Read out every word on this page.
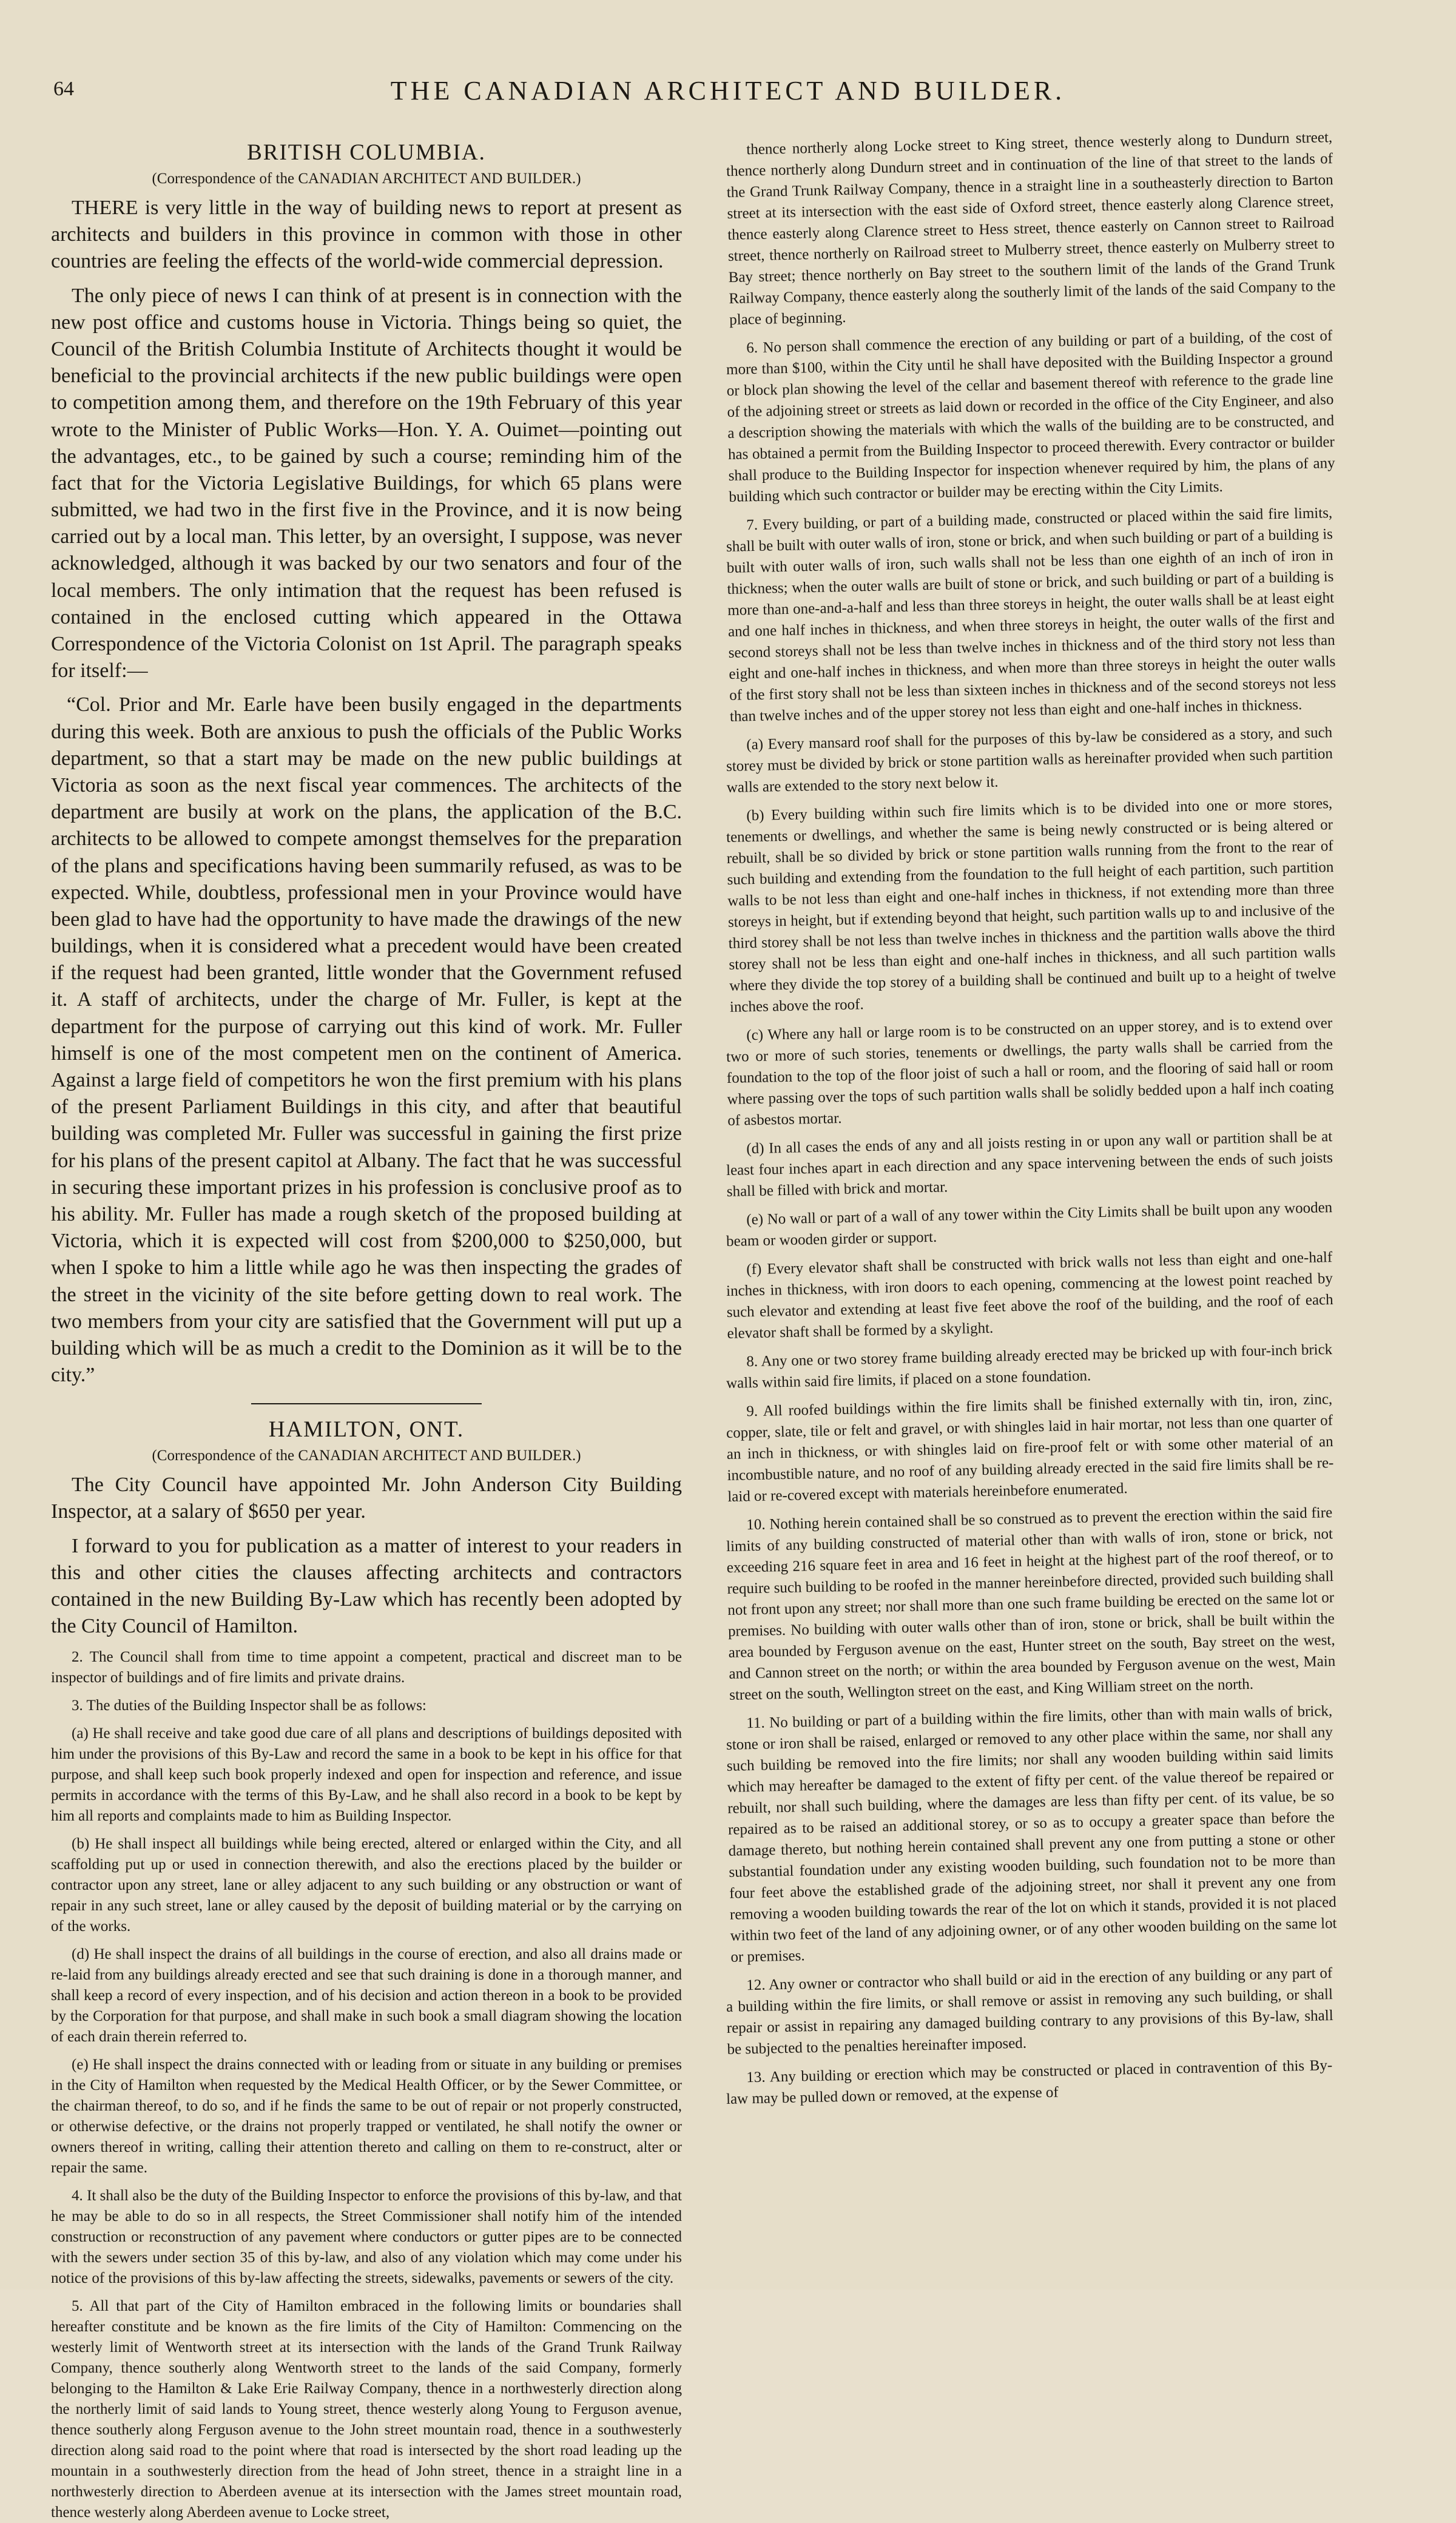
64	THE CANADIAN ARCHITECT AND BUILDER.
BRITISH COLUMBIA.
(Correspondence of the CANADIAN ARCHITECT AND BUILDER.)

THERE is very little in the way of building news to report at present as architects and builders in this province in common with those in other countries are feeling the effects of the world-wide commercial depression.

The only piece of news I can think of at present is in connection with the new post office and customs house in Victoria. Things being so quiet, the Council of the British Columbia Institute of Architects thought it would be beneficial to the provincial architects if the new public buildings were open to competition among them, and therefore on the 19th February of this year wrote to the Minister of Public Works—Hon. Y. A. Ouimet—pointing out the advantages, etc., to be gained by such a course; reminding him of the fact that for the Victoria Legislative Buildings, for which 65 plans were submitted, we had two in the first five in the Province, and it is now being carried out by a local man. This letter, by an oversight, I suppose, was never acknowledged, although it was backed by our two senators and four of the local members. The only intimation that the request has been refused is contained in the enclosed cutting which appeared in the Ottawa Correspondence of the Victoria Colonist on 1st April. The paragraph speaks for itself:—

“Col. Prior and Mr. Earle have been busily engaged in the departments during this week. Both are anxious to push the officials of the Public Works department, so that a start may be made on the new public buildings at Victoria as soon as the next fiscal year commences. The architects of the department are busily at work on the plans, the application of the B.C. architects to be allowed to compete amongst themselves for the preparation of the plans and specifications having been summarily refused, as was to be expected. While, doubtless, professional men in your Province would have been glad to have had the opportunity to have made the drawings of the new buildings, when it is considered what a precedent would have been created if the request had been granted, little wonder that the Government refused it. A staff of architects, under the charge of Mr. Fuller, is kept at the department for the purpose of carrying out this kind of work. Mr. Fuller himself is one of the most competent men on the continent of America. Against a large field of competitors he won the first premium with his plans of the present Parliament Buildings in this city, and after that beautiful building was completed Mr. Fuller was successful in gaining the first prize for his plans of the present capitol at Albany. The fact that he was successful in securing these important prizes in his profession is conclusive proof as to his ability. Mr. Fuller has made a rough sketch of the proposed building at Victoria, which it is expected will cost from $200,000 to $250,000, but when I spoke to him a little while ago he was then inspecting the grades of the street in the vicinity of the site before getting down to real work. The two members from your city are satisfied that the Government will put up a building which will be as much a credit to the Dominion as it will be to the city.”

HAMILTON, ONT.
(Correspondence of the CANADIAN ARCHITECT AND BUILDER.)

The City Council have appointed Mr. John Anderson City Building Inspector, at a salary of $650 per year.

I forward to you for publication as a matter of interest to your readers in this and other cities the clauses affecting architects and contractors contained in the new Building By-Law which has recently been adopted by the City Council of Hamilton.

2. The Council shall from time to time appoint a competent, practical and discreet man to be inspector of buildings and of fire limits and private drains.

3. The duties of the Building Inspector shall be as follows:

(a) He shall receive and take good due care of all plans and descriptions of buildings deposited with him under the provisions of this By-Law and record the same in a book to be kept in his office for that purpose, and shall keep such book properly indexed and open for inspection and reference, and issue permits in accordance with the terms of this By-Law, and he shall also record in a book to be kept by him all reports and complaints made to him as Building Inspector.

(b) He shall inspect all buildings while being erected, altered or enlarged within the City, and all scaffolding put up or used in connection therewith, and also the erections placed by the builder or contractor upon any street, lane or alley adjacent to any such building or any obstruction or want of repair in any such street, lane or alley caused by the deposit of building material or by the carrying on of the works.

(d) He shall inspect the drains of all buildings in the course of erection, and also all drains made or re-laid from any buildings already erected and see that such draining is done in a thorough manner, and shall keep a record of every inspection, and of his decision and action thereon in a book to be provided by the Corporation for that purpose, and shall make in such book a small diagram showing the location of each drain therein referred to.

(e) He shall inspect the drains connected with or leading from or situate in any building or premises in the City of Hamilton when requested by the Medical Health Officer, or by the Sewer Committee, or the chairman thereof, to do so, and if he finds the same to be out of repair or not properly constructed, or otherwise defective, or the drains not properly trapped or ventilated, he shall notify the owner or owners thereof in writing, calling their attention thereto and calling on them to re-construct, alter or repair the same.

4. It shall also be the duty of the Building Inspector to enforce the provisions of this by-law, and that he may be able to do so in all respects, the Street Commissioner shall notify him of the intended construction or reconstruction of any pavement where conductors or gutter pipes are to be connected with the sewers under section 35 of this by-law, and also of any violation which may come under his notice of the provisions of this by-law affecting the streets, sidewalks, pavements or sewers of the city.

5. All that part of the City of Hamilton embraced in the following limits or boundaries shall hereafter constitute and be known as the fire limits of the City of Hamilton: Commencing on the westerly limit of Wentworth street at its intersection with the lands of the Grand Trunk Railway Company, thence southerly along Wentworth street to the lands of the said Company, formerly belonging to the Hamilton & Lake Erie Railway Company, thence in a northwesterly direction along the northerly limit of said lands to Young street, thence westerly along Young to Ferguson avenue, thence southerly along Ferguson avenue to the John street mountain road, thence in a southwesterly direction along said road to the point where that road is intersected by the short road leading up the mountain in a southwesterly direction from the head of John street, thence in a straight line in a northwesterly direction to Aberdeen avenue at its intersection with the James street mountain road, thence westerly along Aberdeen avenue to Locke street,

thence northerly along Locke street to King street, thence westerly along to Dundurn street, thence northerly along Dundurn street and in continuation of the line of that street to the lands of the Grand Trunk Railway Company, thence in a straight line in a southeasterly direction to Barton street at its intersection with the east side of Oxford street, thence easterly along Clarence street, thence easterly along Clarence street to Hess street, thence easterly on Cannon street to Railroad street, thence northerly on Railroad street to Mulberry street, thence easterly on Mulberry street to Bay street; thence northerly on Bay street to the southern limit of the lands of the Grand Trunk Railway Company, thence easterly along the southerly limit of the lands of the said Company to the place of beginning.

6. No person shall commence the erection of any building or part of a building, of the cost of more than $100, within the City until he shall have deposited with the Building Inspector a ground or block plan showing the level of the cellar and basement thereof with reference to the grade line of the adjoining street or streets as laid down or recorded in the office of the City Engineer, and also a description showing the materials with which the walls of the building are to be constructed, and has obtained a permit from the Building Inspector to proceed therewith. Every contractor or builder shall produce to the Building Inspector for inspection whenever required by him, the plans of any building which such contractor or builder may be erecting within the City Limits.

7. Every building, or part of a building made, constructed or placed within the said fire limits, shall be built with outer walls of iron, stone or brick, and when such building or part of a building is built with outer walls of iron, such walls shall not be less than one eighth of an inch of iron in thickness; when the outer walls are built of stone or brick, and such building or part of a building is more than one-and-a-half and less than three storeys in height, the outer walls shall be at least eight and one half inches in thickness, and when three storeys in height, the outer walls of the first and second storeys shall not be less than twelve inches in thickness and of the third story not less than eight and one-half inches in thickness, and when more than three storeys in height the outer walls of the first story shall not be less than sixteen inches in thickness and of the second storeys not less than twelve inches and of the upper storey not less than eight and one-half inches in thickness.

(a) Every mansard roof shall for the purposes of this by-law be considered as a story, and such storey must be divided by brick or stone partition walls as hereinafter provided when such partition walls are extended to the story next below it.

(b) Every building within such fire limits which is to be divided into one or more stores, tenements or dwellings, and whether the same is being newly constructed or is being altered or rebuilt, shall be so divided by brick or stone partition walls running from the front to the rear of such building and extending from the foundation to the full height of each partition, such partition walls to be not less than eight and one-half inches in thickness, if not extending more than three storeys in height, but if extending beyond that height, such partition walls up to and inclusive of the third storey shall be not less than twelve inches in thickness and the partition walls above the third storey shall not be less than eight and one-half inches in thickness, and all such partition walls where they divide the top storey of a building shall be continued and built up to a height of twelve inches above the roof.

(c) Where any hall or large room is to be constructed on an upper storey, and is to extend over two or more of such stories, tenements or dwellings, the party walls shall be carried from the foundation to the top of the floor joist of such a hall or room, and the flooring of said hall or room where passing over the tops of such partition walls shall be solidly bedded upon a half inch coating of asbestos mortar.

(d) In all cases the ends of any and all joists resting in or upon any wall or partition shall be at least four inches apart in each direction and any space intervening between the ends of such joists shall be filled with brick and mortar.

(e) No wall or part of a wall of any tower within the City Limits shall be built upon any wooden beam or wooden girder or support.

(f) Every elevator shaft shall be constructed with brick walls not less than eight and one-half inches in thickness, with iron doors to each opening, commencing at the lowest point reached by such elevator and extending at least five feet above the roof of the building, and the roof of each elevator shaft shall be formed by a skylight.

8. Any one or two storey frame building already erected may be bricked up with four-inch brick walls within said fire limits, if placed on a stone foundation.

9. All roofed buildings within the fire limits shall be finished externally with tin, iron, zinc, copper, slate, tile or felt and gravel, or with shingles laid in hair mortar, not less than one quarter of an inch in thickness, or with shingles laid on fire-proof felt or with some other material of an incombustible nature, and no roof of any building already erected in the said fire limits shall be re-laid or re-covered except with materials hereinbefore enumerated.

10. Nothing herein contained shall be so construed as to prevent the erection within the said fire limits of any building constructed of material other than with walls of iron, stone or brick, not exceeding 216 square feet in area and 16 feet in height at the highest part of the roof thereof, or to require such building to be roofed in the manner hereinbefore directed, provided such building shall not front upon any street; nor shall more than one such frame building be erected on the same lot or premises. No building with outer walls other than of iron, stone or brick, shall be built within the area bounded by Ferguson avenue on the east, Hunter street on the south, Bay street on the west, and Cannon street on the north; or within the area bounded by Ferguson avenue on the west, Main street on the south, Wellington street on the east, and King William street on the north.

11. No building or part of a building within the fire limits, other than with main walls of brick, stone or iron shall be raised, enlarged or removed to any other place within the same, nor shall any such building be removed into the fire limits; nor shall any wooden building within said limits which may hereafter be damaged to the extent of fifty per cent. of the value thereof be repaired or rebuilt, nor shall such building, where the damages are less than fifty per cent. of its value, be so repaired as to be raised an additional storey, or so as to occupy a greater space than before the damage thereto, but nothing herein contained shall prevent any one from putting a stone or other substantial foundation under any existing wooden building, such foundation not to be more than four feet above the established grade of the adjoining street, nor shall it prevent any one from removing a wooden building towards the rear of the lot on which it stands, provided it is not placed within two feet of the land of any adjoining owner, or of any other wooden building on the same lot or premises.

12. Any owner or contractor who shall build or aid in the erection of any building or any part of a building within the fire limits, or shall remove or assist in removing any such building, or shall repair or assist in repairing any damaged building contrary to any provisions of this By-law, shall be subjected to the penalties hereinafter imposed.

13. Any building or erection which may be constructed or placed in contravention of this By-law may be pulled down or removed, at the expense of
